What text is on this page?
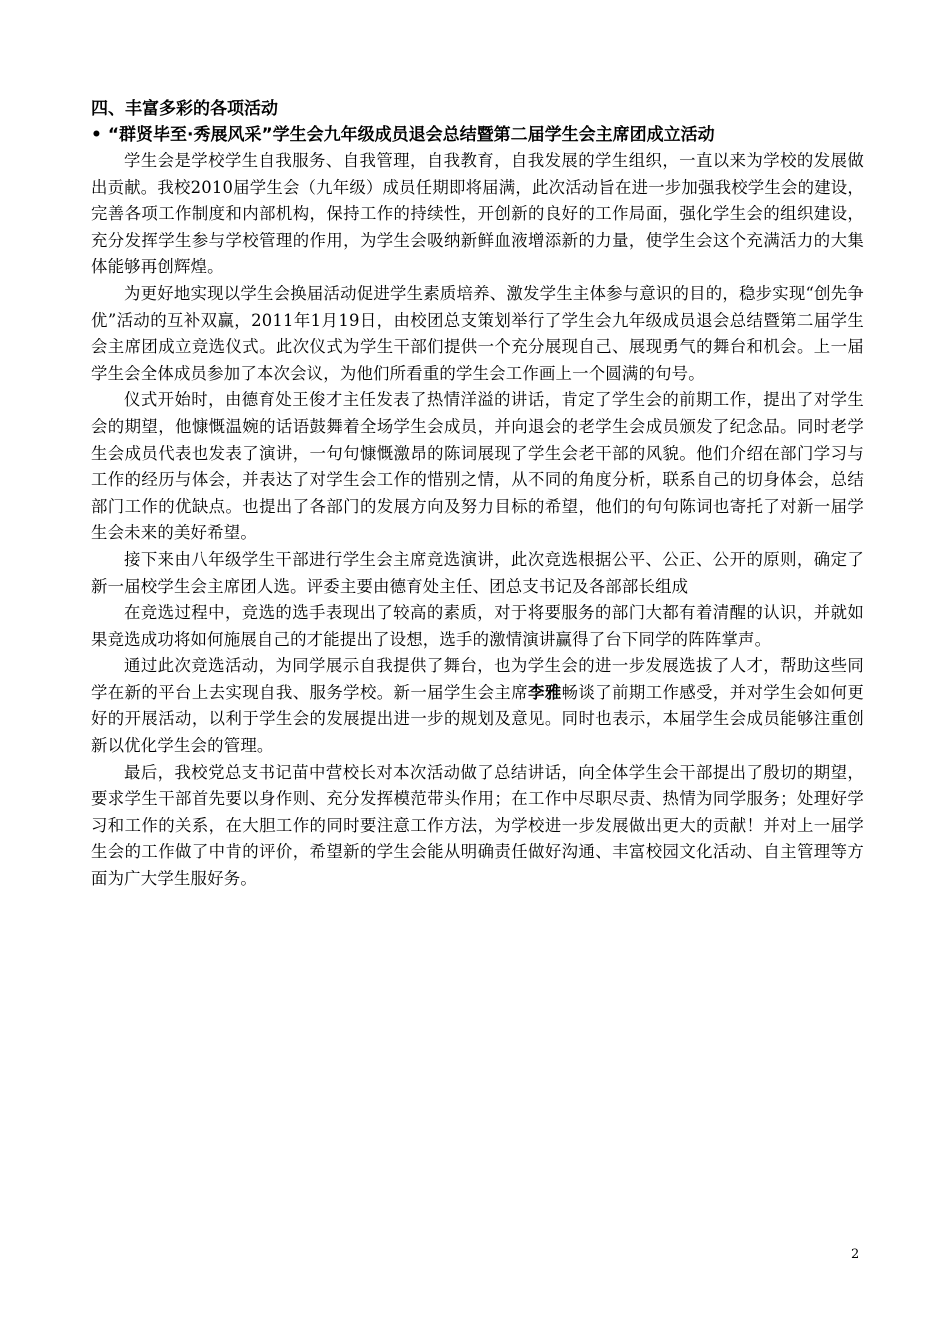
四、丰富多彩的各项活动

• “群贤毕至·秀展风采”学生会九年级成员退会总结暨第二届学生会主席团成立活动

学生会是学校学生自我服务、自我管理，自我教育，自我发展的学生组织，一直以来为学校的发展做出贡献。我校2010届学生会（九年级）成员任期即将届满，此次活动旨在进一步加强我校学生会的建设，完善各项工作制度和内部机构，保持工作的持续性，开创新的良好的工作局面，强化学生会的组织建设，充分发挥学生参与学校管理的作用，为学生会吸纳新鲜血液增添新的力量，使学生会这个充满活力的大集体能够再创辉煌。

为更好地实现以学生会换届活动促进学生素质培养、激发学生主体参与意识的目的，稳步实现“创先争优”活动的互补双赢，2011年1月19日，由校团总支策划举行了学生会九年级成员退会总结暨第二届学生会主席团成立竞选仪式。此次仪式为学生干部们提供一个充分展现自己、展现勇气的舞台和机会。上一届学生会全体成员参加了本次会议，为他们所看重的学生会工作画上一个圆满的句号。

仪式开始时，由德育处王俊才主任发表了热情洋溢的讲话，肯定了学生会的前期工作，提出了对学生会的期望，他慷慨温婉的话语鼓舞着全场学生会成员，并向退会的老学生会成员颁发了纪念品。同时老学生会成员代表也发表了演讲，一句句慷慨激昂的陈词展现了学生会老干部的风貌。他们介绍在部门学习与工作的经历与体会，并表达了对学生会工作的惜别之情，从不同的角度分析，联系自己的切身体会，总结部门工作的优缺点。也提出了各部门的发展方向及努力目标的希望，他们的句句陈词也寄托了对新一届学生会未来的美好希望。

接下来由八年级学生干部进行学生会主席竞选演讲，此次竞选根据公平、公正、公开的原则，确定了新一届校学生会主席团人选。评委主要由德育处主任、团总支书记及各部部长组成

在竞选过程中，竞选的选手表现出了较高的素质，对于将要服务的部门大都有着清醒的认识，并就如果竞选成功将如何施展自己的才能提出了设想，选手的激情演讲赢得了台下同学的阵阵掌声。

通过此次竞选活动，为同学展示自我提供了舞台，也为学生会的进一步发展选拔了人才，帮助这些同学在新的平台上去实现自我、服务学校。新一届学生会主席李雅畅谈了前期工作感受，并对学生会如何更好的开展活动，以利于学生会的发展提出进一步的规划及意见。同时也表示，本届学生会成员能够注重创新以优化学生会的管理。

最后，我校党总支书记苗中营校长对本次活动做了总结讲话，向全体学生会干部提出了殷切的期望，要求学生干部首先要以身作则、充分发挥模范带头作用；在工作中尽职尽责、热情为同学服务；处理好学习和工作的关系，在大胆工作的同时要注意工作方法，为学校进一步发展做出更大的贡献！并对上一届学生会的工作做了中肯的评价，希望新的学生会能从明确责任做好沟通、丰富校园文化活动、自主管理等方面为广大学生服好务。

2
